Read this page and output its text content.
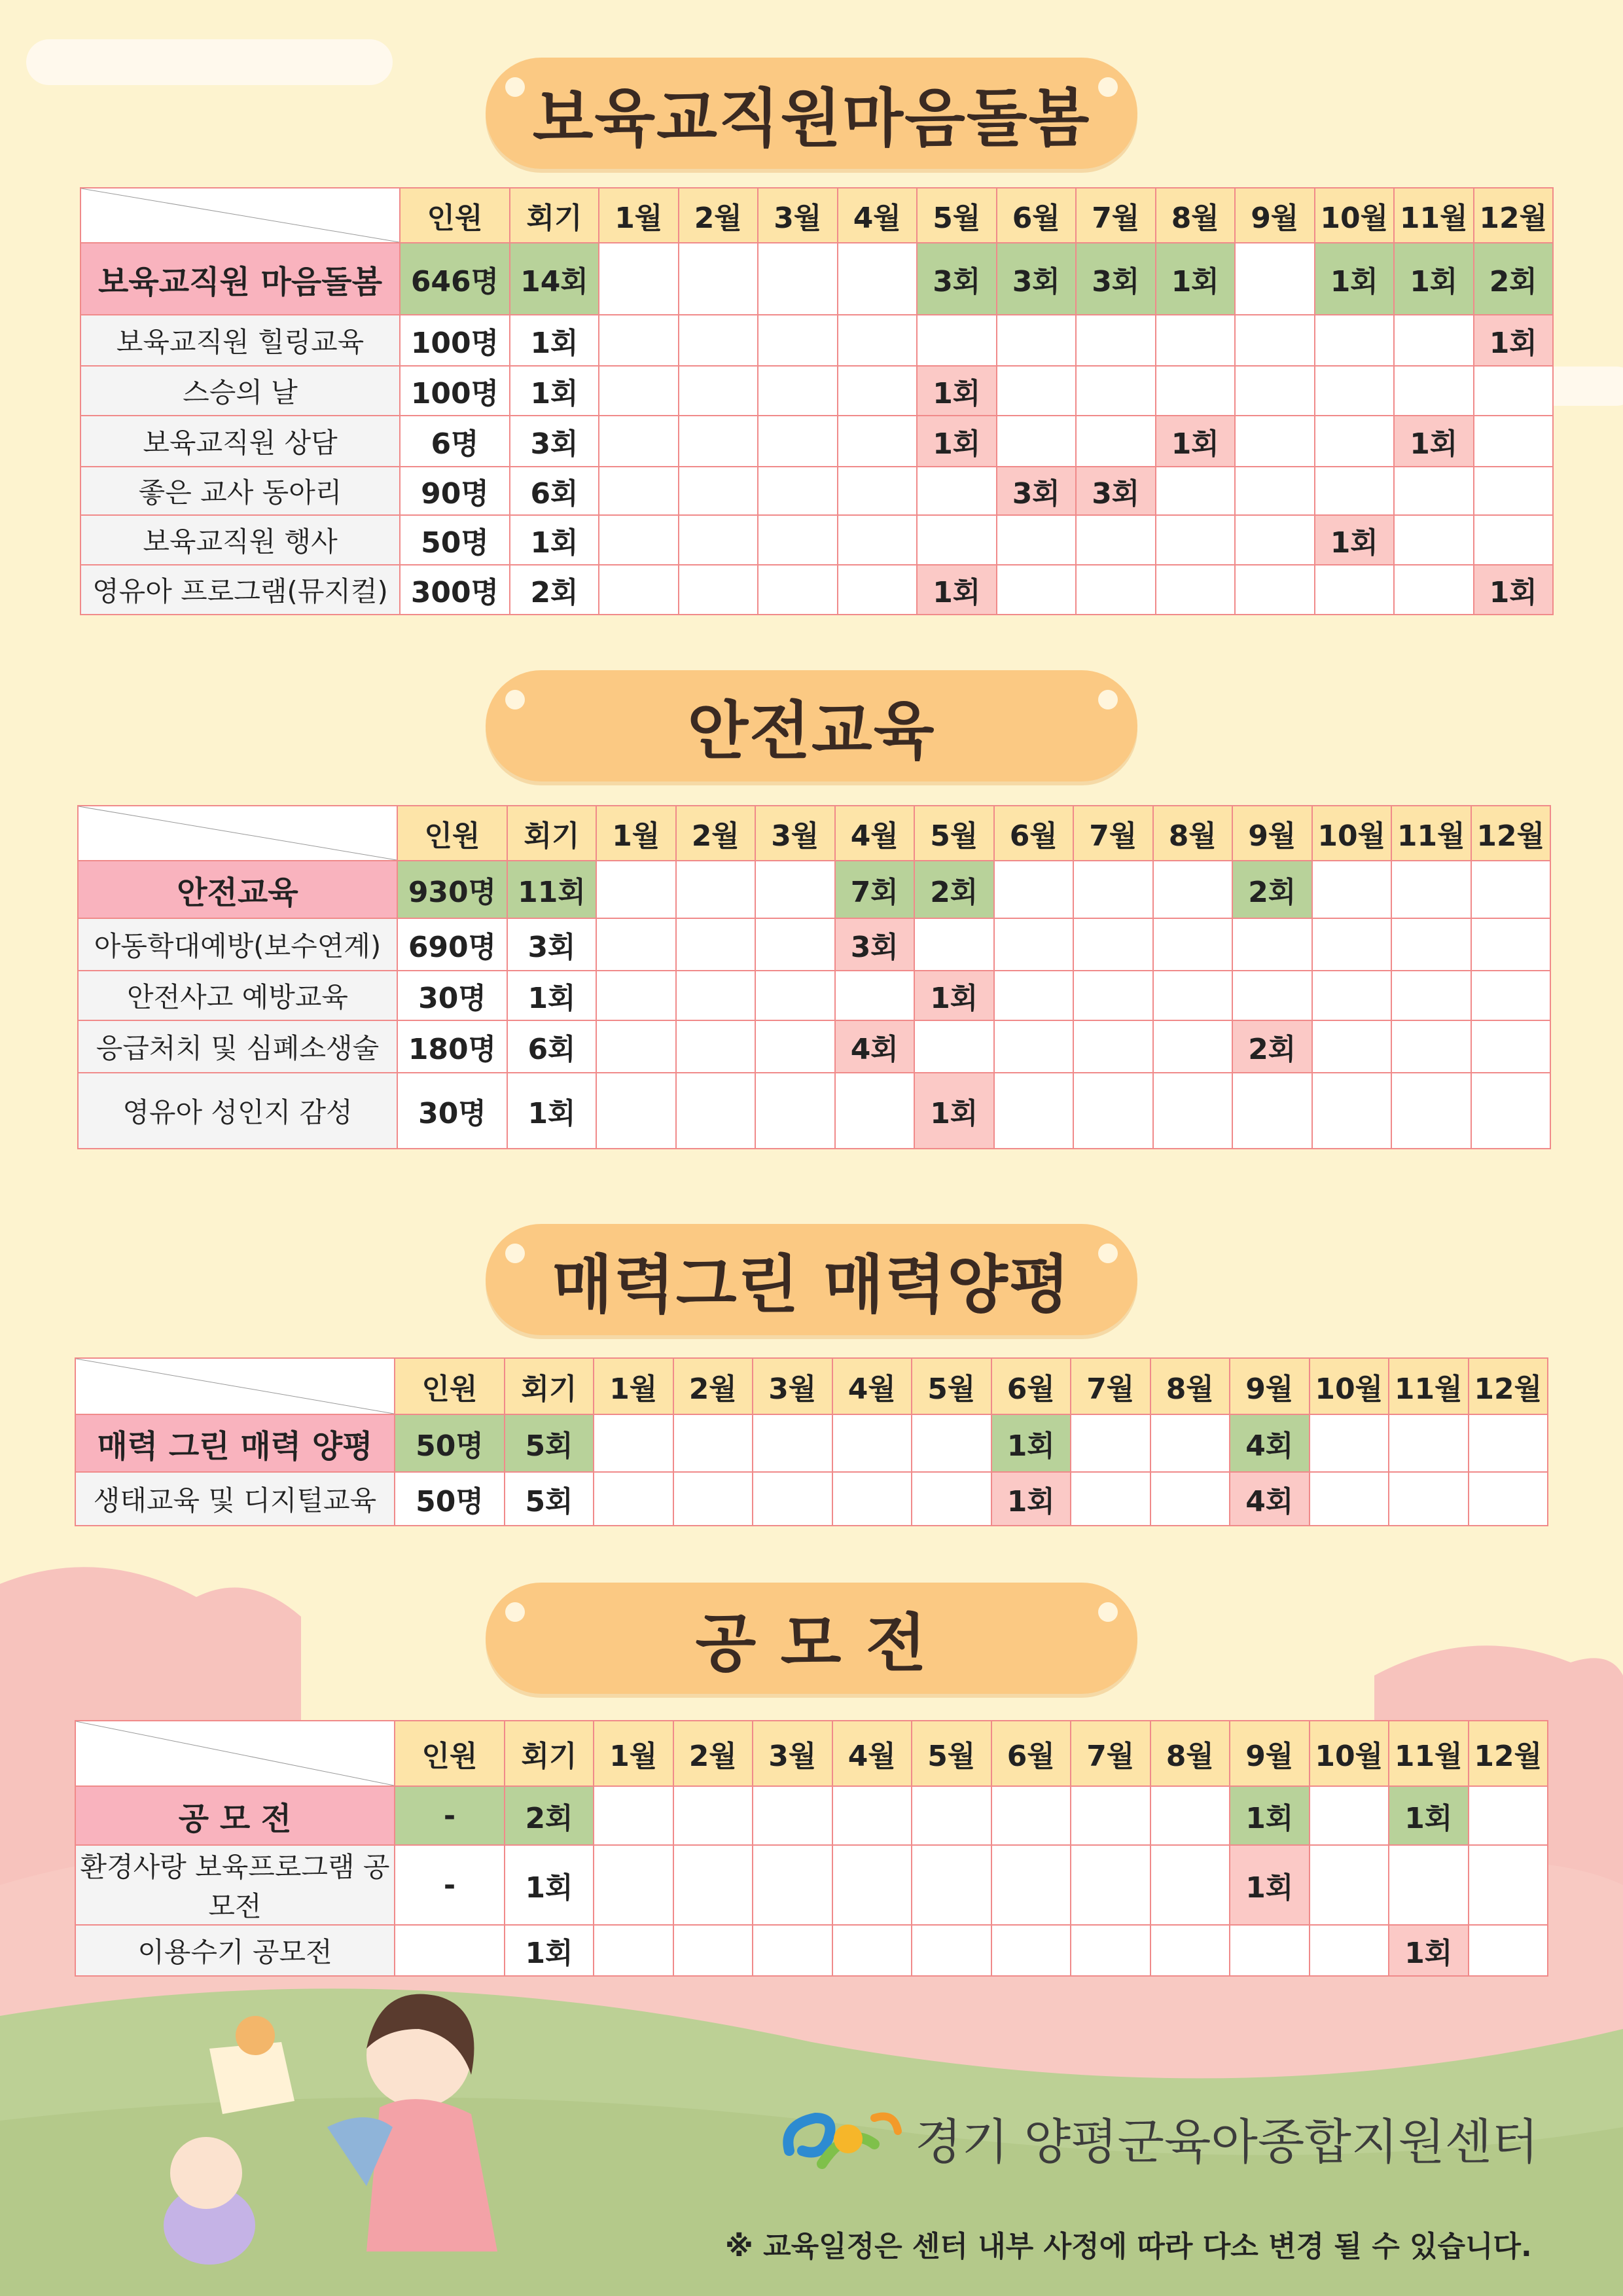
보육교직원마음돌봄
	인원	회기	1월	2월	3월	4월	5월	6월	7월	8월	9월	10월	11월	12월
보육교직원 마음돌봄	646명	14회					3회	3회	3회	1회		1회	1회	2회
보육교직원 힐링교육	100명	1회												1회
스승의 날	100명	1회					1회							
보육교직원 상담	6명	3회					1회			1회			1회	
좋은 교사 동아리	90명	6회						3회	3회					
보육교직원 행사	50명	1회										1회		
영유아 프로그램(뮤지컬)	300명	2회					1회							1회
안전교육
	인원	회기	1월	2월	3월	4월	5월	6월	7월	8월	9월	10월	11월	12월
안전교육	930명	11회				7회	2회				2회			
아동학대예방(보수연계)	690명	3회				3회								
안전사고 예방교육	30명	1회					1회							
응급처치 및 심폐소생술	180명	6회				4회					2회			
영유아 성인지 감성	30명	1회					1회							
매력그린 매력양평
	인원	회기	1월	2월	3월	4월	5월	6월	7월	8월	9월	10월	11월	12월
매력 그린 매력 양평	50명	5회						1회			4회			
생태교육 및 디지털교육	50명	5회						1회			4회			
공 모 전
	인원	회기	1월	2월	3월	4월	5월	6월	7월	8월	9월	10월	11월	12월
공 모 전	-	2회									1회		1회	
환경사랑 보육프로그램 공모전	-	1회									1회			
이용수기 공모전		1회											1회	
경기 양평군육아종합지원센터
※ 교육일정은 센터 내부 사정에 따라 다소 변경 될 수 있습니다.
